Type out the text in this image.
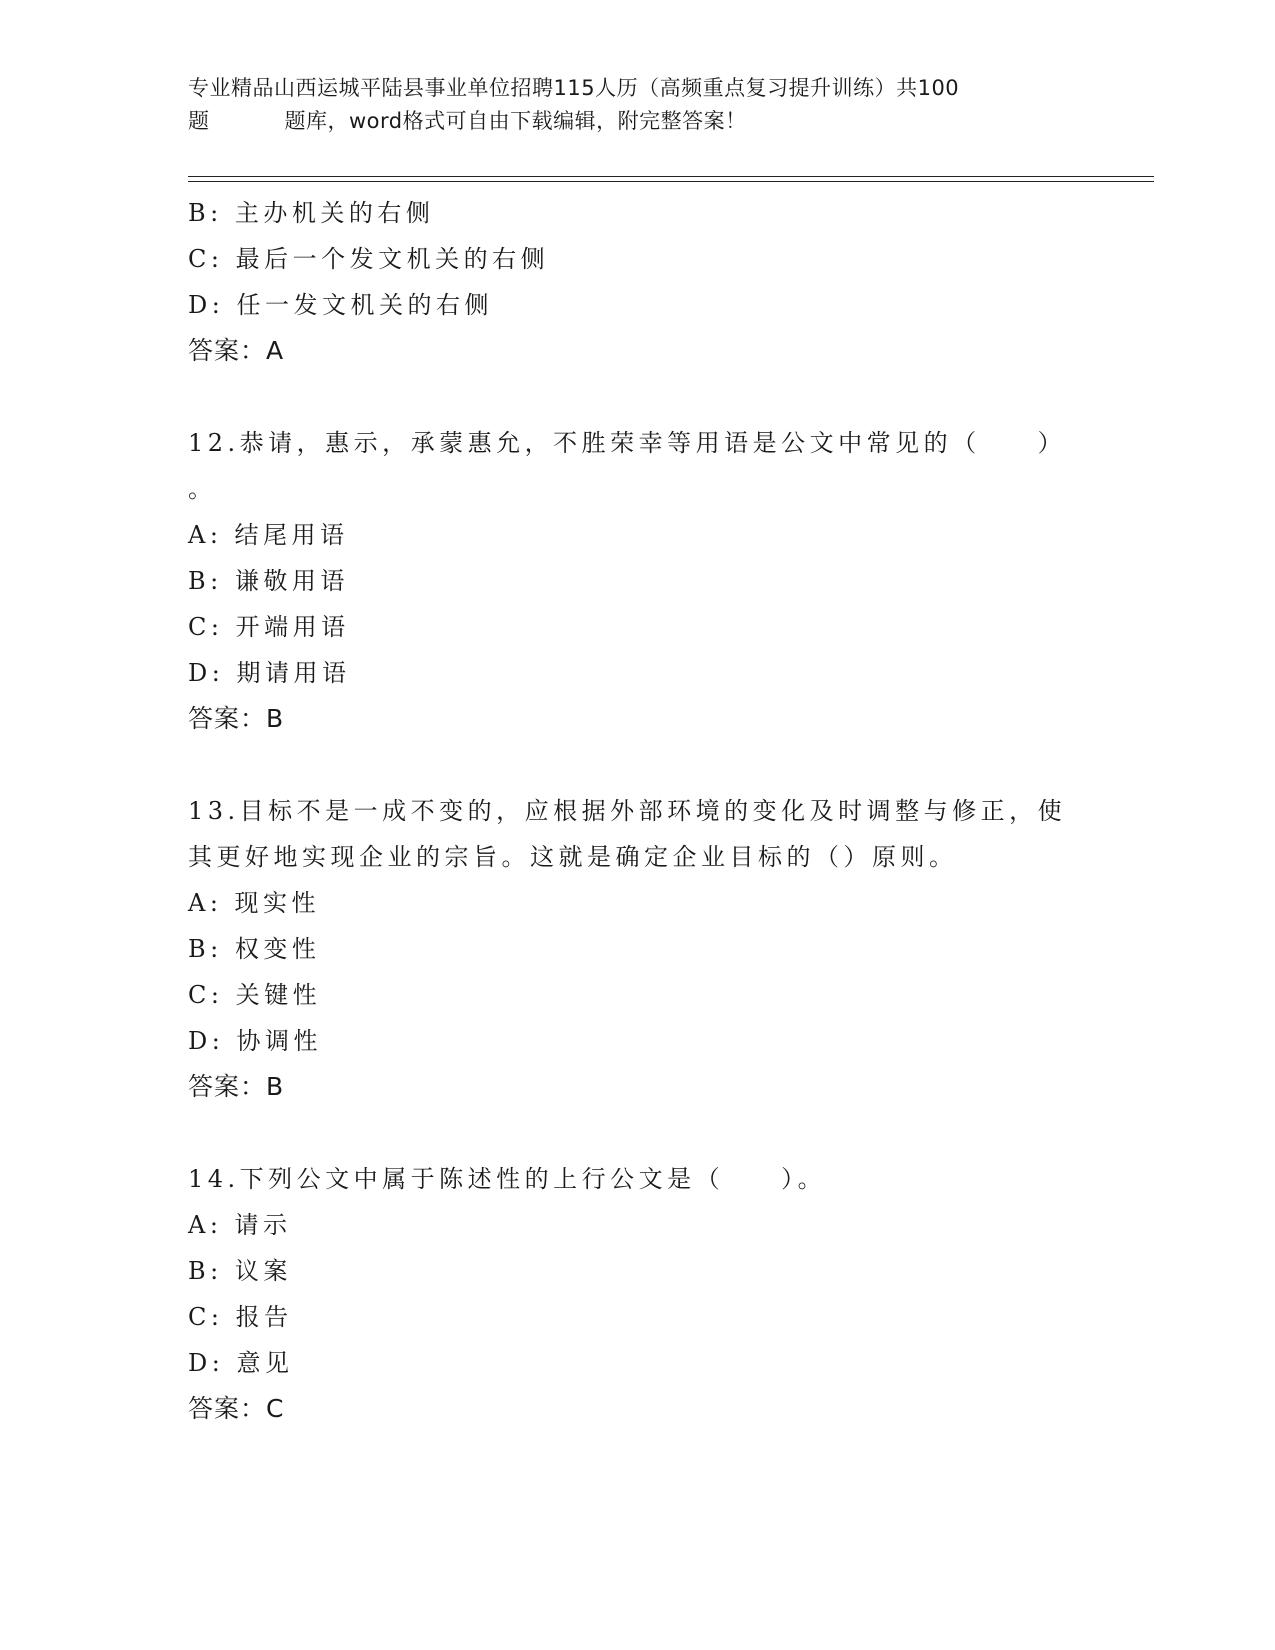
专业精品山西运城平陆县事业单位招聘115人历（高频重点复习提升训练）共100
题	题库，word格式可自由下载编辑，附完整答案！
B: 主办机关的右侧
C: 最后一个发文机关的右侧
D: 任一发文机关的右侧
答案：A
12.恭请，惠示，承蒙惠允，不胜荣幸等用语是公文中常见的（　　）
。
A: 结尾用语
B: 谦敬用语
C: 开端用语
D: 期请用语
答案：B
13.目标不是一成不变的，应根据外部环境的变化及时调整与修正，使
其更好地实现企业的宗旨。这就是确定企业目标的（）原则。
A: 现实性
B: 权变性
C: 关键性
D: 协调性
答案：B
14.下列公文中属于陈述性的上行公文是（　　）。
A: 请示
B: 议案
C: 报告
D: 意见
答案：C
